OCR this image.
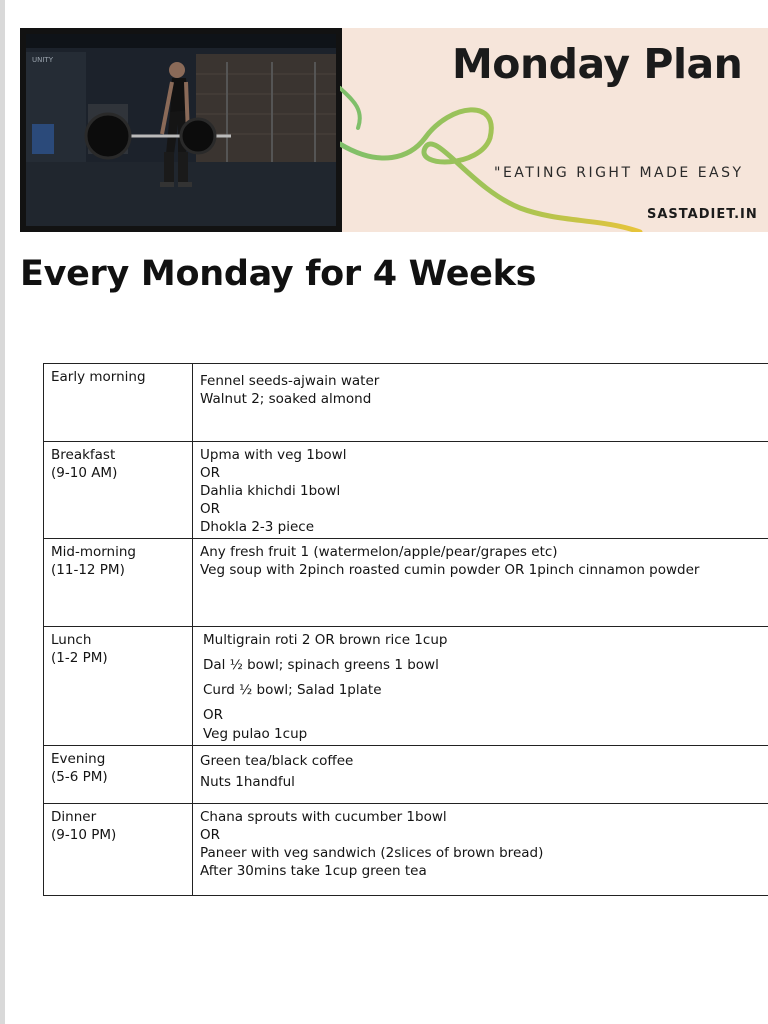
UNITY	Monday Plan
"EATING RIGHT MADE EASY
SASTADIET.IN
Every Monday for 4 Weeks
Early morning	Fennel seeds-ajwain water
Walnut 2; soaked almond

Breakfast
(9-10 AM)	Upma with veg 1bowl
OR
Dahlia khichdi 1bowl
OR
Dhokla 2-3 piece

Mid-morning
(11-12 PM)	Any fresh fruit 1 (watermelon/apple/pear/grapes etc)
Veg soup with 2pinch roasted cumin powder OR 1pinch cinnamon powder

Lunch
(1-2 PM)	Multigrain roti 2 OR brown rice 1cup
Dal ½ bowl; spinach greens 1 bowl
Curd ½ bowl; Salad 1plate
OR
Veg pulao 1cup

Evening
(5-6 PM)	Green tea/black coffee
Nuts 1handful

Dinner
(9-10 PM)	Chana sprouts with cucumber 1bowl
OR
Paneer with veg sandwich (2slices of brown bread)
After 30mins take 1cup green tea
